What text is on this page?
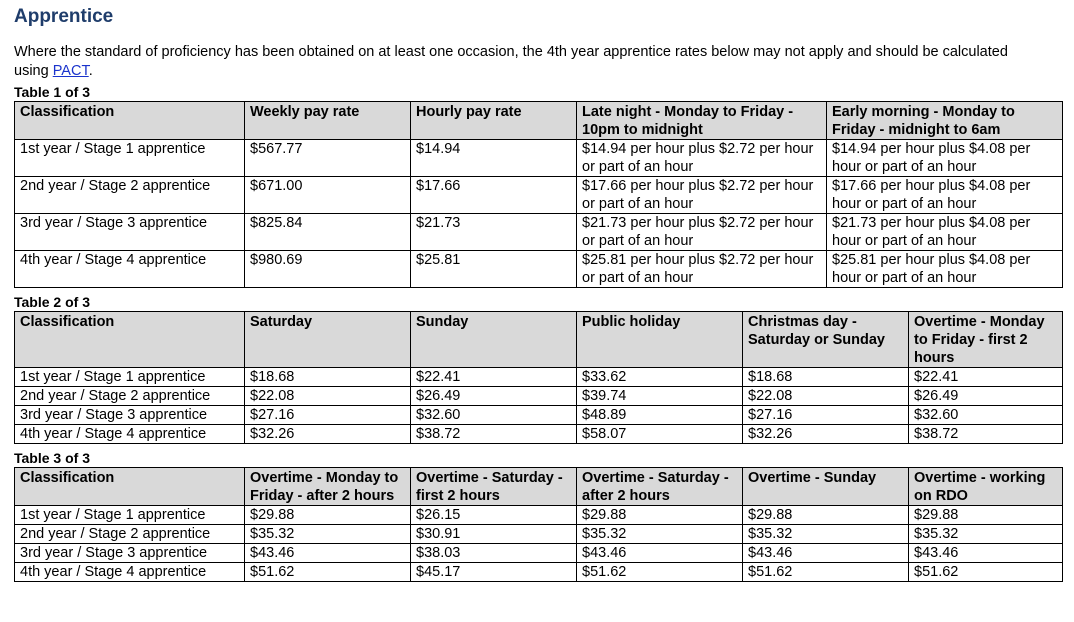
Apprentice

Where the standard of proficiency has been obtained on at least one occasion, the 4th year apprentice rates below may not apply and should be calculated using PACT.

Table 1 of 3
Classification	Weekly pay rate	Hourly pay rate	Late night - Monday to Friday - 10pm to midnight	Early morning - Monday to Friday - midnight to 6am
1st year / Stage 1 apprentice	$567.77	$14.94	$14.94 per hour plus $2.72 per hour or part of an hour	$14.94 per hour plus $4.08 per hour or part of an hour
2nd year / Stage 2 apprentice	$671.00	$17.66	$17.66 per hour plus $2.72 per hour or part of an hour	$17.66 per hour plus $4.08 per hour or part of an hour
3rd year / Stage 3 apprentice	$825.84	$21.73	$21.73 per hour plus $2.72 per hour or part of an hour	$21.73 per hour plus $4.08 per hour or part of an hour
4th year / Stage 4 apprentice	$980.69	$25.81	$25.81 per hour plus $2.72 per hour or part of an hour	$25.81 per hour plus $4.08 per hour or part of an hour
Table 2 of 3
Classification	Saturday	Sunday	Public holiday	Christmas day - Saturday or Sunday	Overtime - Monday to Friday - first 2 hours
1st year / Stage 1 apprentice	$18.68	$22.41	$33.62	$18.68	$22.41
2nd year / Stage 2 apprentice	$22.08	$26.49	$39.74	$22.08	$26.49
3rd year / Stage 3 apprentice	$27.16	$32.60	$48.89	$27.16	$32.60
4th year / Stage 4 apprentice	$32.26	$38.72	$58.07	$32.26	$38.72
Table 3 of 3
Classification	Overtime - Monday to Friday - after 2 hours	Overtime - Saturday - first 2 hours	Overtime - Saturday - after 2 hours	Overtime - Sunday	Overtime - working on RDO
1st year / Stage 1 apprentice	$29.88	$26.15	$29.88	$29.88	$29.88
2nd year / Stage 2 apprentice	$35.32	$30.91	$35.32	$35.32	$35.32
3rd year / Stage 3 apprentice	$43.46	$38.03	$43.46	$43.46	$43.46
4th year / Stage 4 apprentice	$51.62	$45.17	$51.62	$51.62	$51.62
